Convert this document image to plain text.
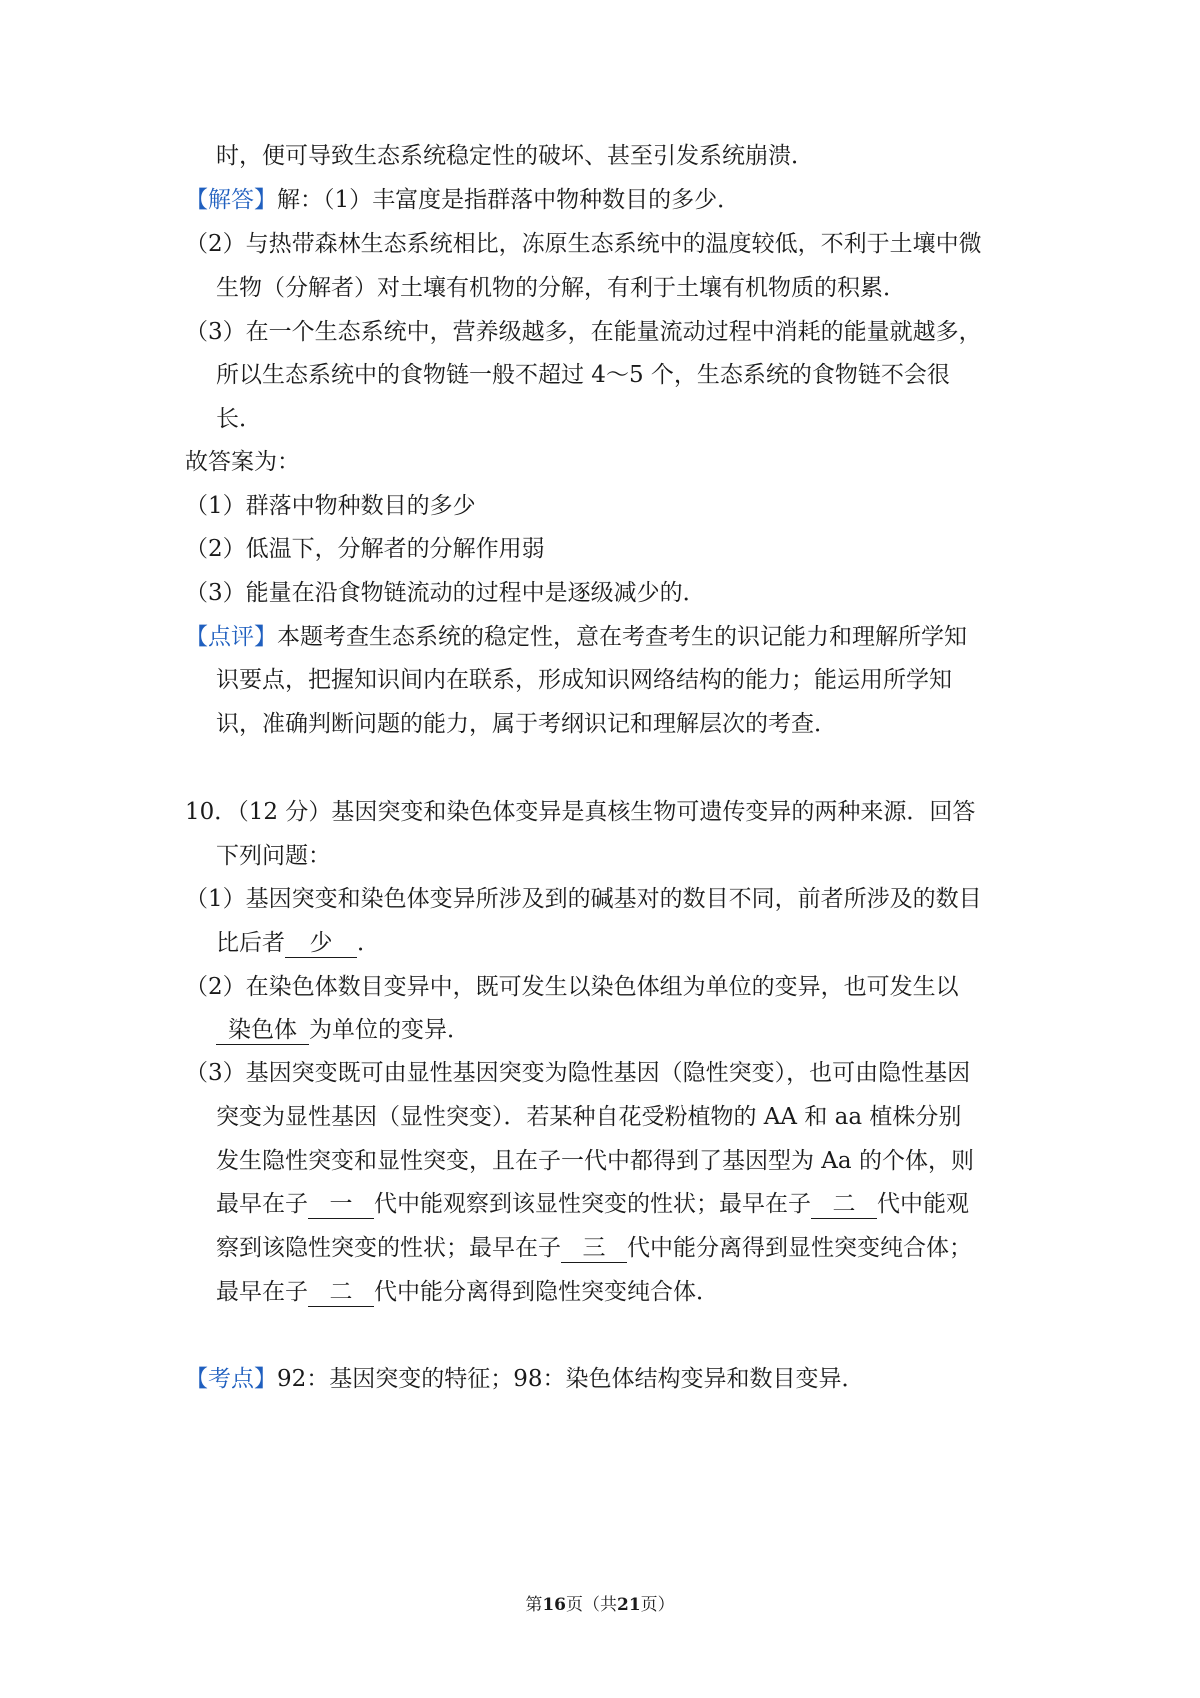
时，便可导致生态系统稳定性的破坏、甚至引发系统崩溃．
【解答】解：（1）丰富度是指群落中物种数目的多少．
（2）与热带森林生态系统相比，冻原生态系统中的温度较低，不利于土壤中微
生物（分解者）对土壤有机物的分解，有利于土壤有机物质的积累．
（3）在一个生态系统中，营养级越多，在能量流动过程中消耗的能量就越多，
所以生态系统中的食物链一般不超过 4～5 个，生态系统的食物链不会很
长．
故答案为：
（1）群落中物种数目的多少
（2）低温下，分解者的分解作用弱
（3）能量在沿食物链流动的过程中是逐级减少的．
【点评】本题考查生态系统的稳定性，意在考查考生的识记能力和理解所学知
识要点，把握知识间内在联系，形成知识网络结构的能力；能运用所学知
识，准确判断问题的能力，属于考纲识记和理解层次的考查．
10．（12 分）基因突变和染色体变异是真核生物可遗传变异的两种来源．回答
下列问题：
（1）基因突变和染色体变异所涉及到的碱基对的数目不同，前者所涉及的数目
比后者 少 ．
（2）在染色体数目变异中，既可发生以染色体组为单位的变异，也可发生以
染色体 为单位的变异．
（3）基因突变既可由显性基因突变为隐性基因（隐性突变），也可由隐性基因
突变为显性基因（显性突变）．若某种自花受粉植物的 AA 和 aa 植株分别
发生隐性突变和显性突变，且在子一代中都得到了基因型为 Aa 的个体，则
最早在子 一 代中能观察到该显性突变的性状；最早在子 二 代中能观
察到该隐性突变的性状；最早在子 三 代中能分离得到显性突变纯合体；
最早在子 二 代中能分离得到隐性突变纯合体．
【考点】92：基因突变的特征；98：染色体结构变异和数目变异．
第16页（共21页）
